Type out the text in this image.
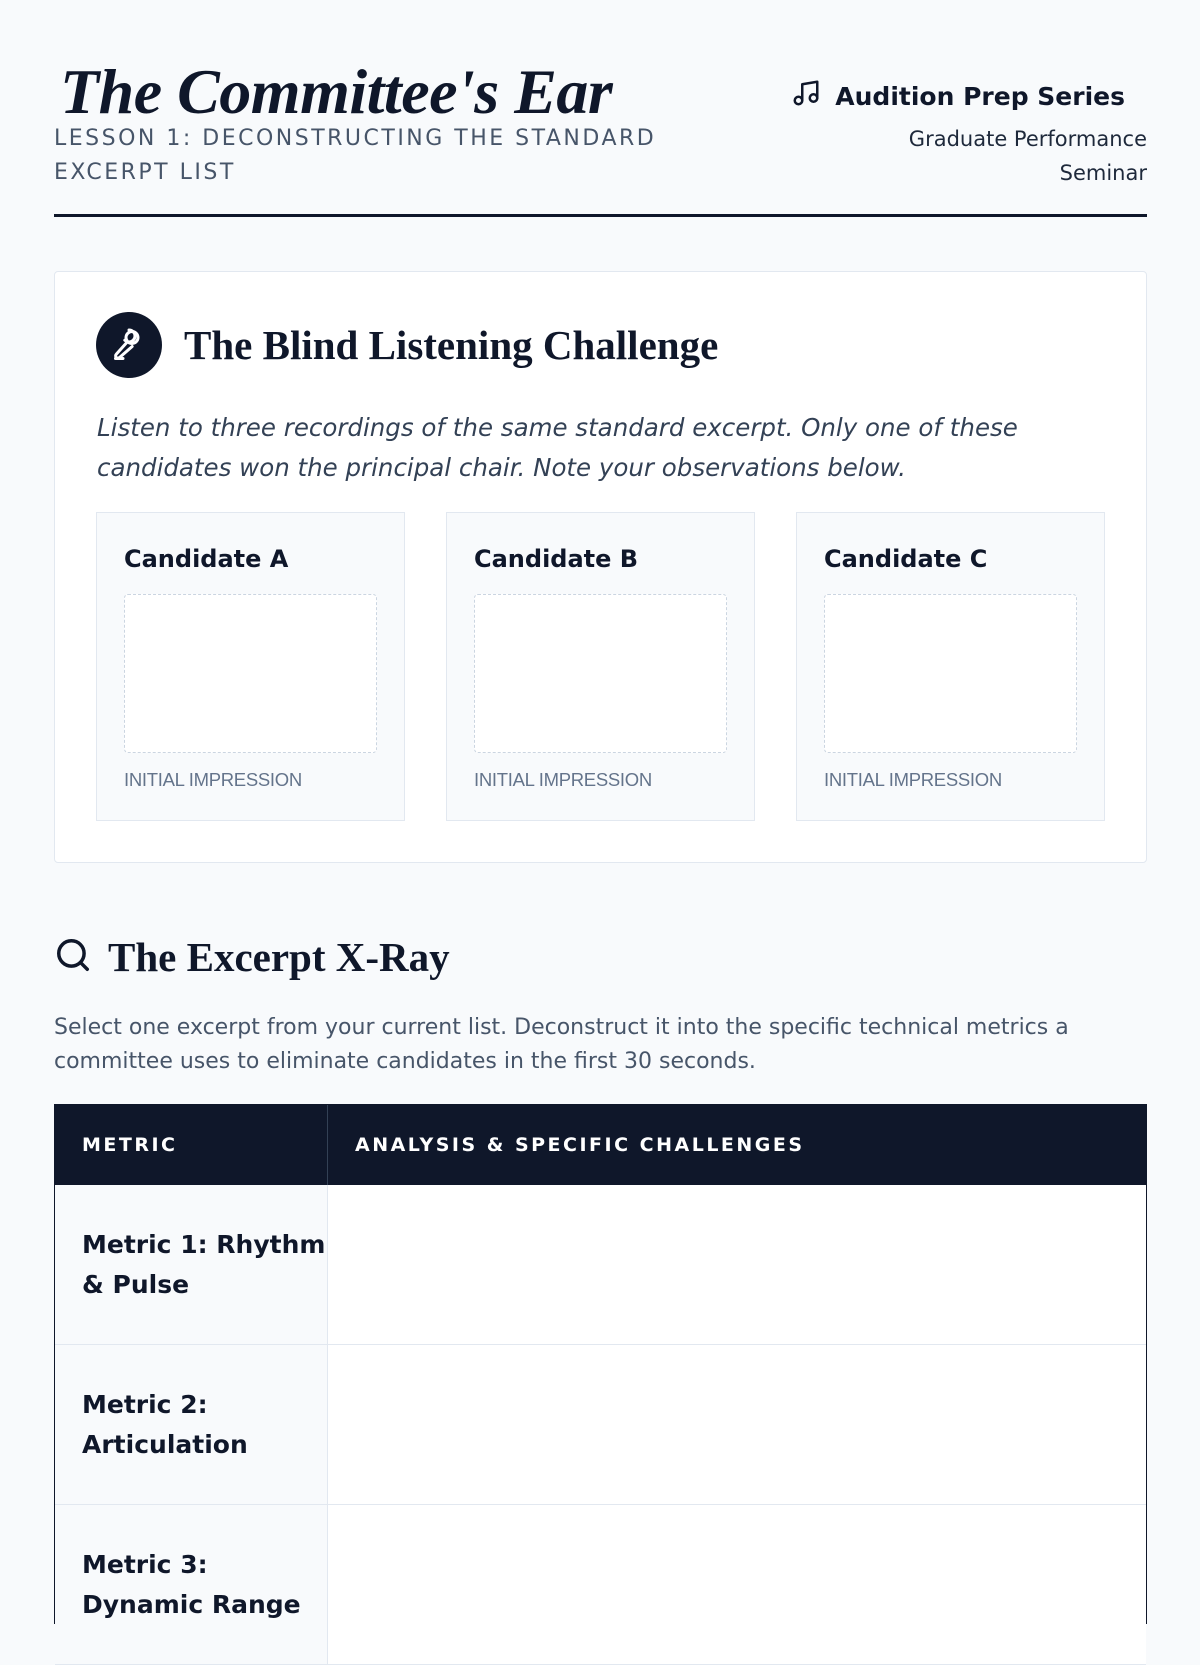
The Committee's Ear
LESSON 1: DECONSTRUCTING THE STANDARD EXCERPT LIST
Audition Prep Series
Graduate Performance Seminar
The Blind Listening Challenge

Listen to three recordings of the same standard excerpt. Only one of these candidates won the principal chair. Note your observations below.

Candidate A
INITIAL IMPRESSION
Candidate B
INITIAL IMPRESSION
Candidate C
INITIAL IMPRESSION
The Excerpt X-Ray

Select one excerpt from your current list. Deconstruct it into the specific technical metrics a committee uses to eliminate candidates in the first 30 seconds.

METRIC	ANALYSIS & SPECIFIC CHALLENGES
Metric 1: Rhythm & Pulse
Metric 2: Articulation
Metric 3: Dynamic Range
